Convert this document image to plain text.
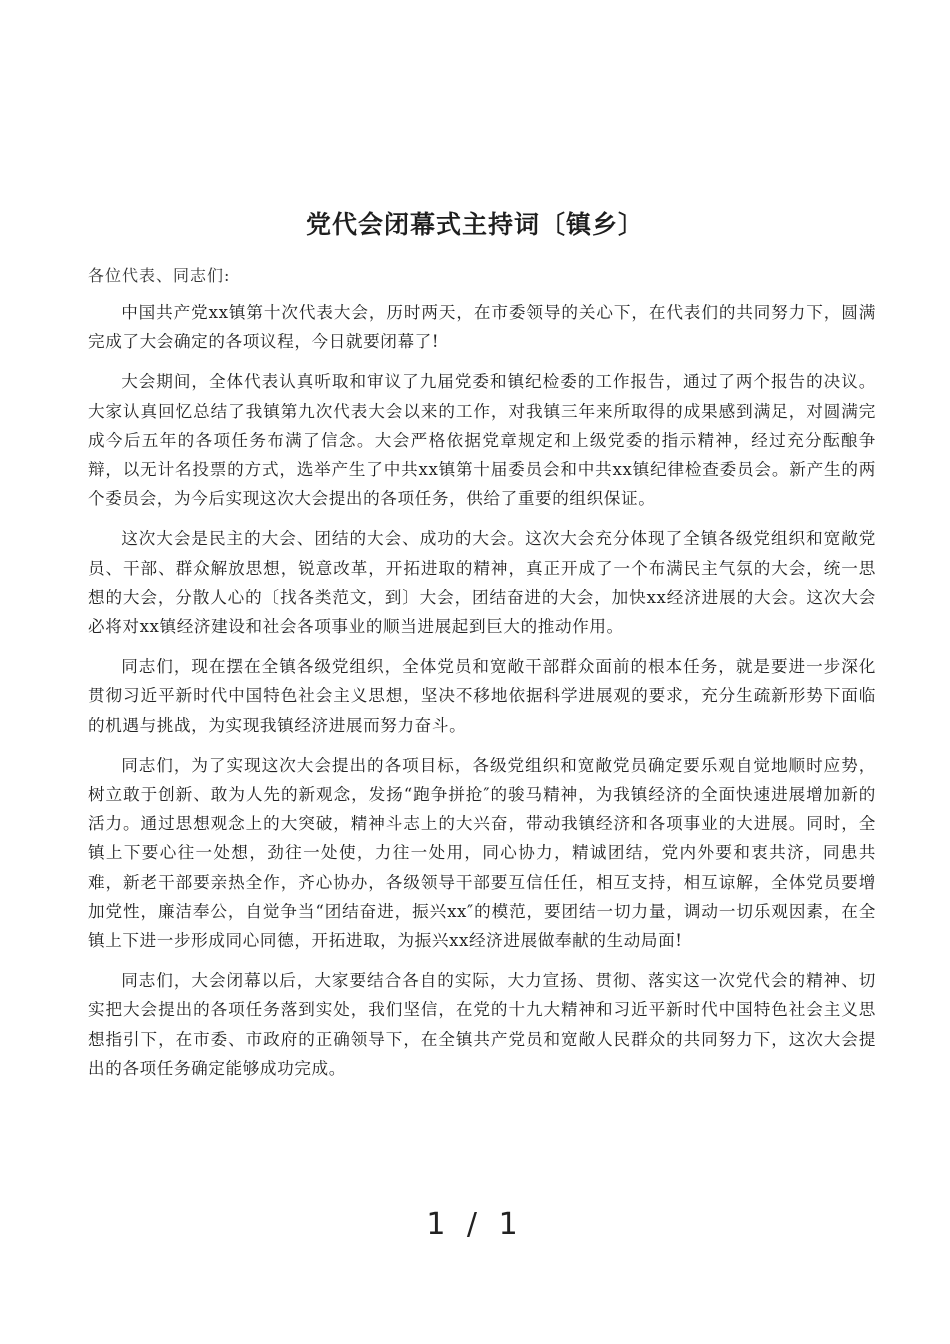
党代会闭幕式主持词〔镇乡〕
各位代表、同志们:

中国共产党xx镇第十次代表大会，历时两天，在市委领导的关心下，在代表们的共同努力下，圆满完成了大会确定的各项议程，今日就要闭幕了!

大会期间，全体代表认真听取和审议了九届党委和镇纪检委的工作报告，通过了两个报告的决议。大家认真回忆总结了我镇第九次代表大会以来的工作，对我镇三年来所取得的成果感到满足，对圆满完成今后五年的各项任务布满了信念。大会严格依据党章规定和上级党委的指示精神，经过充分酝酿争辩，以无计名投票的方式，选举产生了中共xx镇第十届委员会和中共xx镇纪律检查委员会。新产生的两个委员会，为今后实现这次大会提出的各项任务，供给了重要的组织保证。

这次大会是民主的大会、团结的大会、成功的大会。这次大会充分体现了全镇各级党组织和宽敞党员、干部、群众解放思想，锐意改革，开拓进取的精神，真正开成了一个布满民主气氛的大会，统一思想的大会，分散人心的〔找各类范文，到〕大会，团结奋进的大会，加快xx经济进展的大会。这次大会必将对xx镇经济建设和社会各项事业的顺当进展起到巨大的推动作用。

同志们，现在摆在全镇各级党组织，全体党员和宽敞干部群众面前的根本任务，就是要进一步深化贯彻习近平新时代中国特色社会主义思想，坚决不移地依据科学进展观的要求，充分生疏新形势下面临的机遇与挑战，为实现我镇经济进展而努力奋斗。

同志们，为了实现这次大会提出的各项目标，各级党组织和宽敞党员确定要乐观自觉地顺时应势，树立敢于创新、敢为人先的新观念，发扬“跑争拼抢″的骏马精神，为我镇经济的全面快速进展增加新的活力。通过思想观念上的大突破，精神斗志上的大兴奋，带动我镇经济和各项事业的大进展。同时，全镇上下要心往一处想，劲往一处使，力往一处用，同心协力，精诚团结，党内外要和衷共济，同患共难，新老干部要亲热全作，齐心协办，各级领导干部要互信任任，相互支持，相互谅解，全体党员要增加党性，廉洁奉公，自觉争当“团结奋进，振兴xx″的模范，要团结一切力量，调动一切乐观因素，在全镇上下进一步形成同心同德，开拓进取，为振兴xx经济进展做奉献的生动局面!

同志们，大会闭幕以后，大家要结合各自的实际，大力宣扬、贯彻、落实这一次党代会的精神、切实把大会提出的各项任务落到实处，我们坚信，在党的十九大精神和习近平新时代中国特色社会主义思想指引下，在市委、市政府的正确领导下，在全镇共产党员和宽敞人民群众的共同努力下，这次大会提出的各项任务确定能够成功完成。

1 / 1
